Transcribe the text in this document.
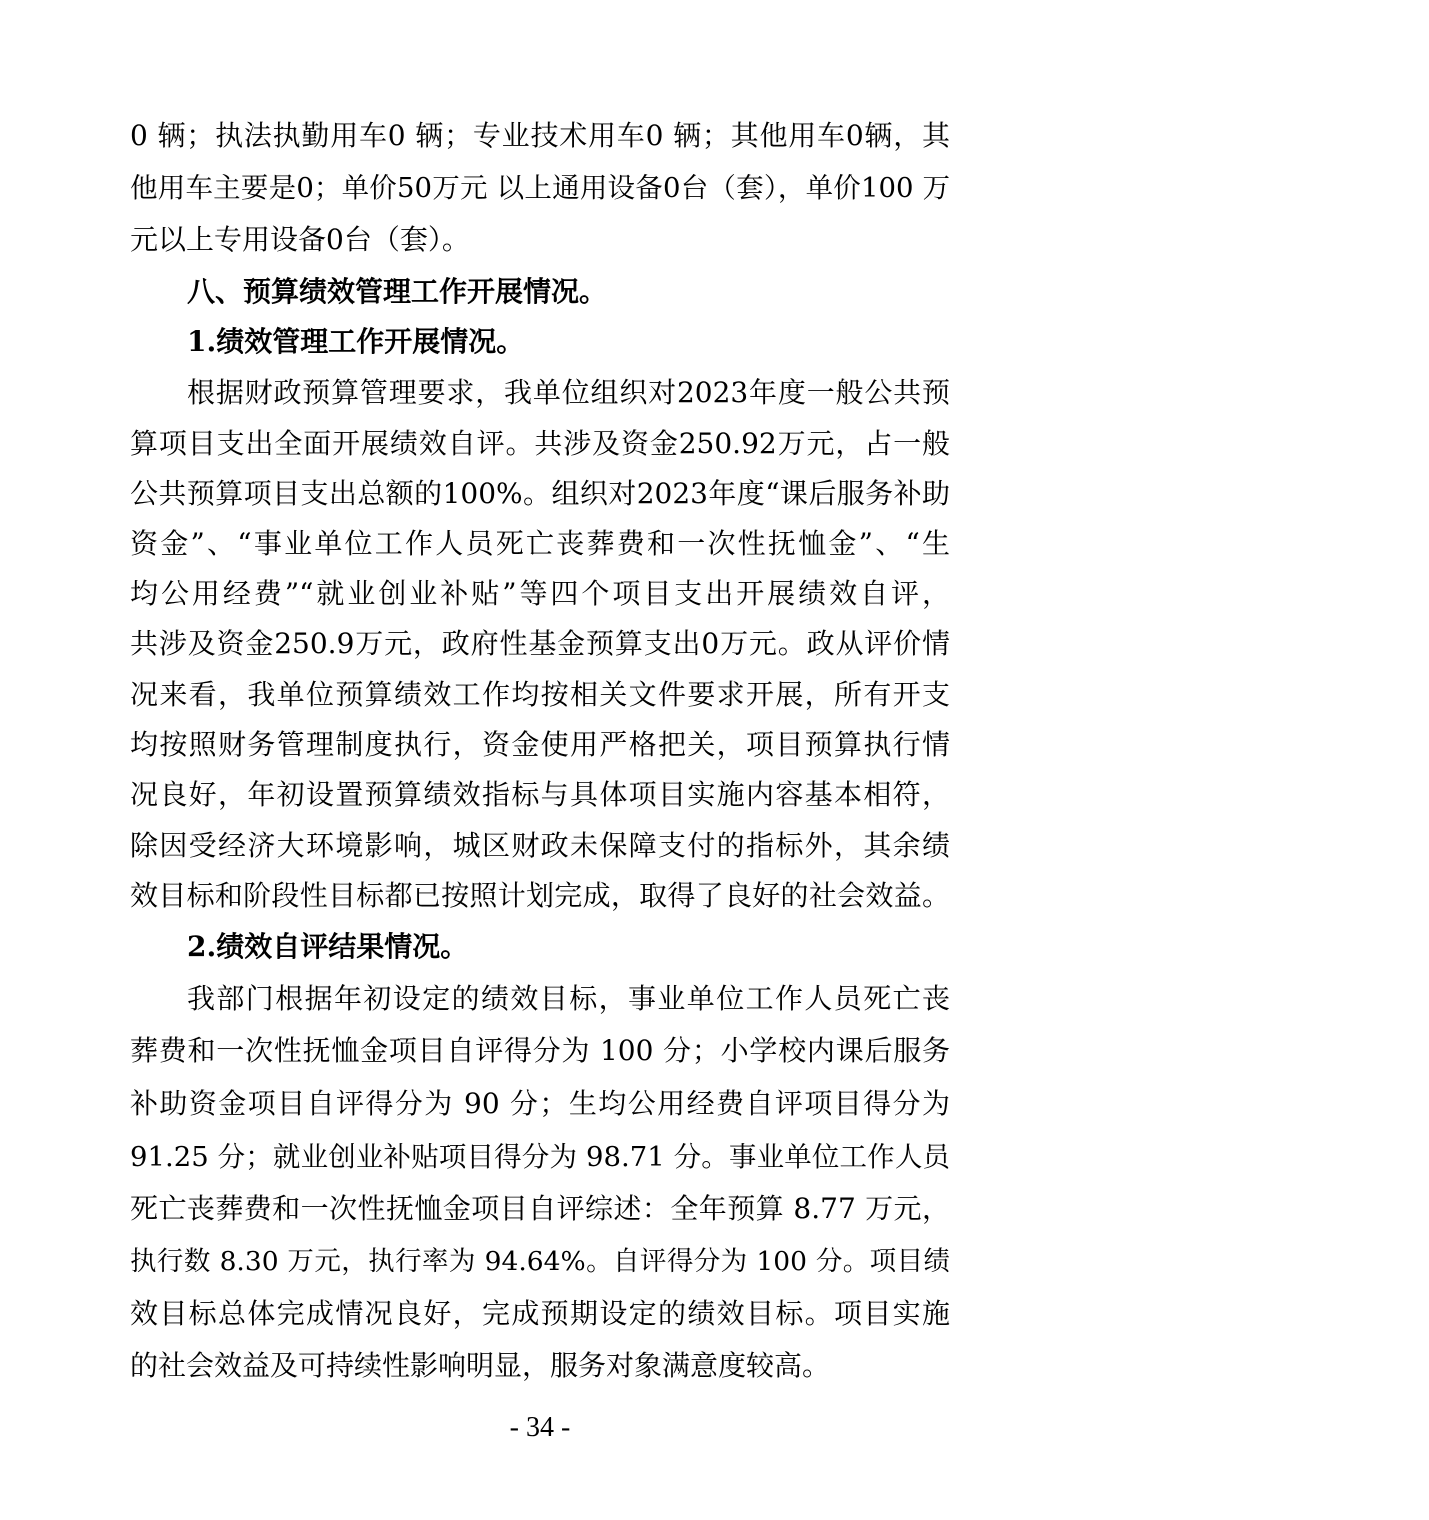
0 辆；执法执勤用车0 辆；专业技术用车0 辆；其他用车0辆，其

他用车主要是0；单价50万元 以上通用设备0台（套），单价100 万

元以上专用设备0台（套）。

八、预算绩效管理工作开展情况。

1.绩效管理工作开展情况。

根据财政预算管理要求，我单位组织对2023年度一般公共预

算项目支出全面开展绩效自评。共涉及资金250.92万元，占一般

公共预算项目支出总额的100%。组织对2023年度“课后服务补助

资金”、“事业单位工作人员死亡丧葬费和一次性抚恤金”、“生

均公用经费”“就业创业补贴”等四个项目支出开展绩效自评，

共涉及资金250.9万元，政府性基金预算支出0万元。政从评价情

况来看，我单位预算绩效工作均按相关文件要求开展，所有开支

均按照财务管理制度执行，资金使用严格把关，项目预算执行情

况良好，年初设置预算绩效指标与具体项目实施内容基本相符，

除因受经济大环境影响，城区财政未保障支付的指标外，其余绩

效目标和阶段性目标都已按照计划完成，取得了良好的社会效益。

2.绩效自评结果情况。

我部门根据年初设定的绩效目标，事业单位工作人员死亡丧

葬费和一次性抚恤金项目自评得分为 100 分；小学校内课后服务

补助资金项目自评得分为 90 分；生均公用经费自评项目得分为

91.25 分；就业创业补贴项目得分为 98.71 分。事业单位工作人员

死亡丧葬费和一次性抚恤金项目自评综述：全年预算 8.77 万元，

执行数 8.30 万元，执行率为 94.64%。自评得分为 100 分。项目绩

效目标总体完成情况良好，完成预期设定的绩效目标。项目实施

的社会效益及可持续性影响明显，服务对象满意度较高。

- 34 -
